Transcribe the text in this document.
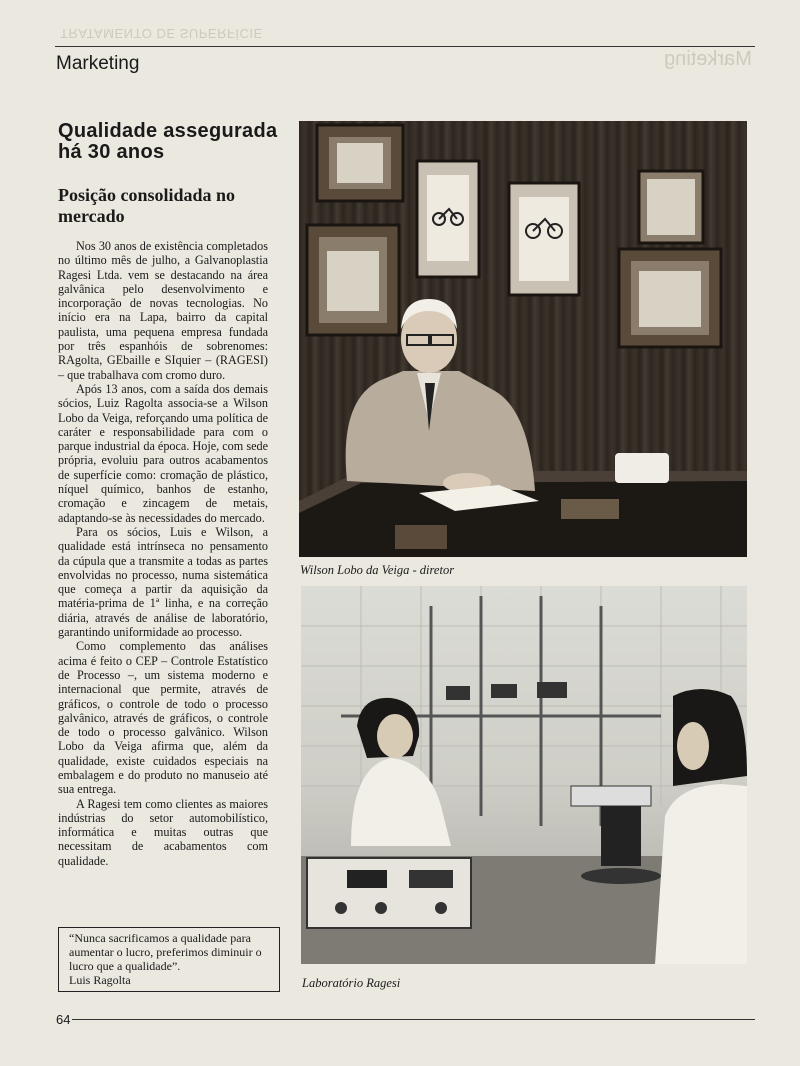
TRATAMENTO DE SUPERFÍCIE
Marketing
Marketing
Qualidade assegurada há 30 anos
Posição consolidada no mercado

Nos 30 anos de existência completados no último mês de julho, a Galvanoplastia Ragesi Ltda. vem se destacando na área galvânica pelo desenvolvimento e incorporação de novas tecnologias. No início era na Lapa, bairro da capital paulista, uma pequena empresa fundada por três espanhóis de sobrenomes: RAgolta, GEbaille e SIquier – (RAGESI) – que trabalhava com cromo duro.

Após 13 anos, com a saída dos demais sócios, Luiz Ragolta associa-se a Wilson Lobo da Veiga, reforçando uma política de caráter e responsabilidade para com o parque industrial da época. Hoje, com sede própria, evoluiu para outros acabamentos de superfície como: cromação de plástico, níquel químico, banhos de estanho, cromação e zincagem de metais, adaptando-se às necessidades do mercado.

Para os sócios, Luis e Wilson, a qualidade está intrínseca no pensamento da cúpula que a transmite a todas as partes envolvidas no processo, numa sistemática que começa a partir da aquisição da matéria-prima de 1ª linha, e na correção diária, através de análise de laboratório, garantindo uniformidade ao processo.

Como complemento das análises acima é feito o CEP – Controle Estatístico de Processo –, um sistema moderno e internacional que permite, através de gráficos, o controle de todo o processo galvânico, através de gráficos, o controle de todo o processo galvânico. Wilson Lobo da Veiga afirma que, além da qualidade, existe cuidados especiais na embalagem e do produto no manuseio até sua entrega.

A Ragesi tem como clientes as maiores indústrias do setor automobilístico, informática e muitas outras que necessitam de acabamentos com qualidade.

“Nunca sacrificamos a qualidade para aumentar o lucro, preferimos diminuir o lucro que a qualidade”.
Luis Ragolta
Wilson Lobo da Veiga - diretor
Laboratório Ragesi
64
